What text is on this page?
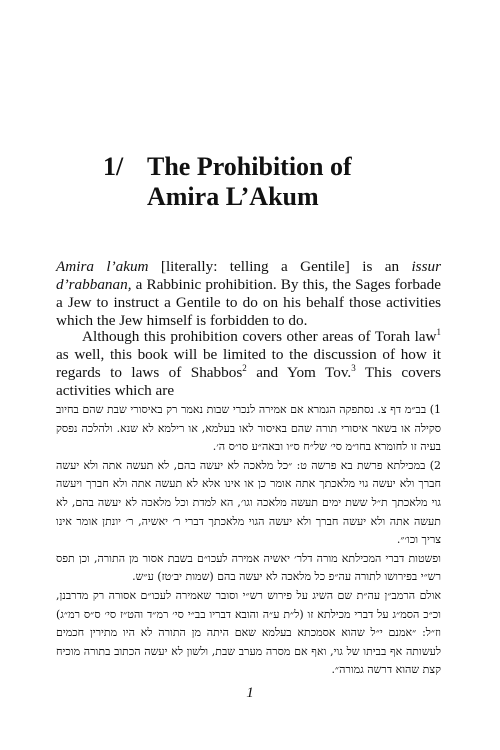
1/ The Prohibition of
Amira L’Akum
Amira l’akum [literally: telling a Gentile] is an issur d’rabbanan, a Rabbinic prohibition. By this, the Sages forbade a Jew to instruct a Gentile to do on his behalf those activities which the Jew himself is forbidden to do.
Although this prohibition covers other areas of Torah law$^1$ as well, this book will be limited to the discussion of how it regards to laws of Shabbos$^2$ and Yom Tov.$^3$ This covers activities which are

1) בב״מ דף צ. נסתפקה הגמרא אם אמירה לנכרי שבות נאמר רק באיסורי שבת שהם בחיוב סקילה או בשאר איסורי תורה שהם באיסור לאו בעלמא, או רילמא לא שנא. ולהלכה נפסק בעיה זו לחומרא בחו״מ סי׳ של״ח ס״ו ובאה״ע סו״ס ה׳.

2) במכילתא פרשת בא פרשה ט: ״כל מלאכה לא יעשה בהם, לא תעשה אתה ולא יעשה חברך ולא יעשה גוי מלאכתך אתה אומר כן או אינו אלא לא תעשה אתה ולא חברך ויעשה גוי מלאכתך ת״ל ששת ימים תעשה מלאכה וגו׳, הא למדת וכל מלאכה לא יעשה בהם, לא תעשה אתה ולא יעשה חברך ולא יעשה הגוי מלאכתך דברי ר׳ יאשיה, ר׳ יונתן אומר אינו צריך וכו׳״.

ופשטות דברי המכילתא מורה דלר׳ יאשיה אמירה לעכו״ם בשבת אסור מן התורה, וכן תפס רש״י בפירושו לתורה עה״פ כל מלאכה לא יעשה בהם (שמות יב׳טז) ע״ש.

אולם הרמב״ן עה״ת שם השיג על פירוש רש״י וסובר שאמירה לעכו״ם אסורה רק מדרבנן, וכ״כ הסמ״ג על דברי מכילתא זו (ל״ת ע״ה והובא דבריו בב״י סי׳ רמ״ד והט״ז סי׳ ס״ס רמ״ג) וז״ל: ״אמנם י״ל שהוא אסמכתא בעלמא שאם היתה מן התורה לא היו מתירין חכמים לעשותה אף בביתו של גוי, ואף אם מסרה מערב שבת, ולשון לא יעשה הכתוב בתורה מוכיח קצת שהוא דרשה גמורה״.

1
